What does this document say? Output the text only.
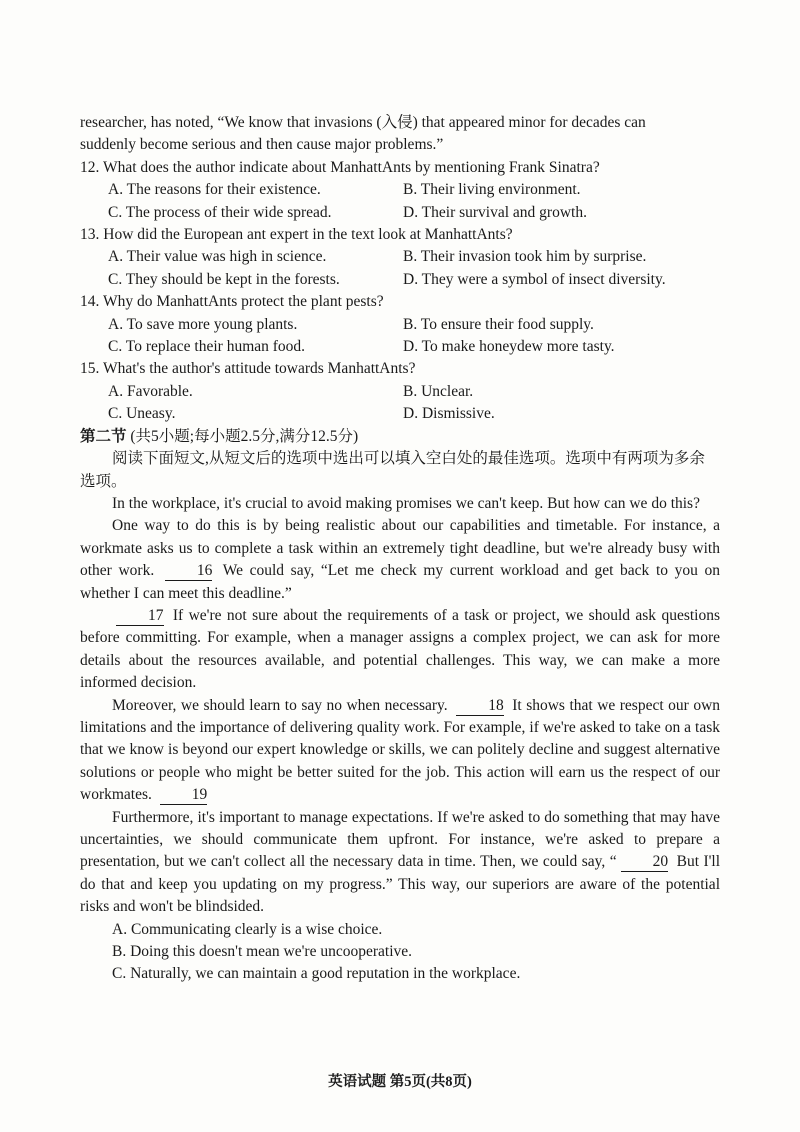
researcher, has noted, “We know that invasions (入侵) that appeared minor for decades can
suddenly become serious and then cause major problems.”
12. What does the author indicate about ManhattAnts by mentioning Frank Sinatra?
A. The reasons for their existence.	B. Their living environment.
C. The process of their wide spread.	D. Their survival and growth.
13. How did the European ant expert in the text look at ManhattAnts?
A. Their value was high in science.	B. Their invasion took him by surprise.
C. They should be kept in the forests.	D. They were a symbol of insect diversity.
14. Why do ManhattAnts protect the plant pests?
A. To save more young plants.	B. To ensure their food supply.
C. To replace their human food.	D. To make honeydew more tasty.
15. What's the author's attitude towards ManhattAnts?
A. Favorable.	B. Unclear.
C. Uneasy.	D. Dismissive.
第二节 (共5小题;每小题2.5分,满分12.5分)
阅读下面短文,从短文后的选项中选出可以填入空白处的最佳选项。选项中有两项为多余选项。
In the workplace, it's crucial to avoid making promises we can't keep. But how can we do this?
One way to do this is by being realistic about our capabilities and timetable. For instance, a workmate asks us to complete a task within an extremely tight deadline, but we're already busy with other work.	16 We could say, “Let me check my current workload and get back to you on whether I can meet this deadline.”
17 If we're not sure about the requirements of a task or project, we should ask questions before committing. For example, when a manager assigns a complex project, we can ask for more details about the resources available, and potential challenges. This way, we can make a more informed decision.
Moreover, we should learn to say no when necessary.	18 It shows that we respect our own limitations and the importance of delivering quality work. For example, if we're asked to take on a task that we know is beyond our expert knowledge or skills, we can politely decline and suggest alternative solutions or people who might be better suited for the job. This action will earn us the respect of our workmates.	19
Furthermore, it's important to manage expectations. If we're asked to do something that may have uncertainties, we should communicate them upfront. For instance, we're asked to prepare a presentation, but we can't collect all the necessary data in time. Then, we could say, “ 20 But I'll do that and keep you updating on my progress.” This way, our superiors are aware of the potential risks and won't be blindsided.
A. Communicating clearly is a wise choice.
B. Doing this doesn't mean we're uncooperative.
C. Naturally, we can maintain a good reputation in the workplace.
英语试题 第5页(共8页)
